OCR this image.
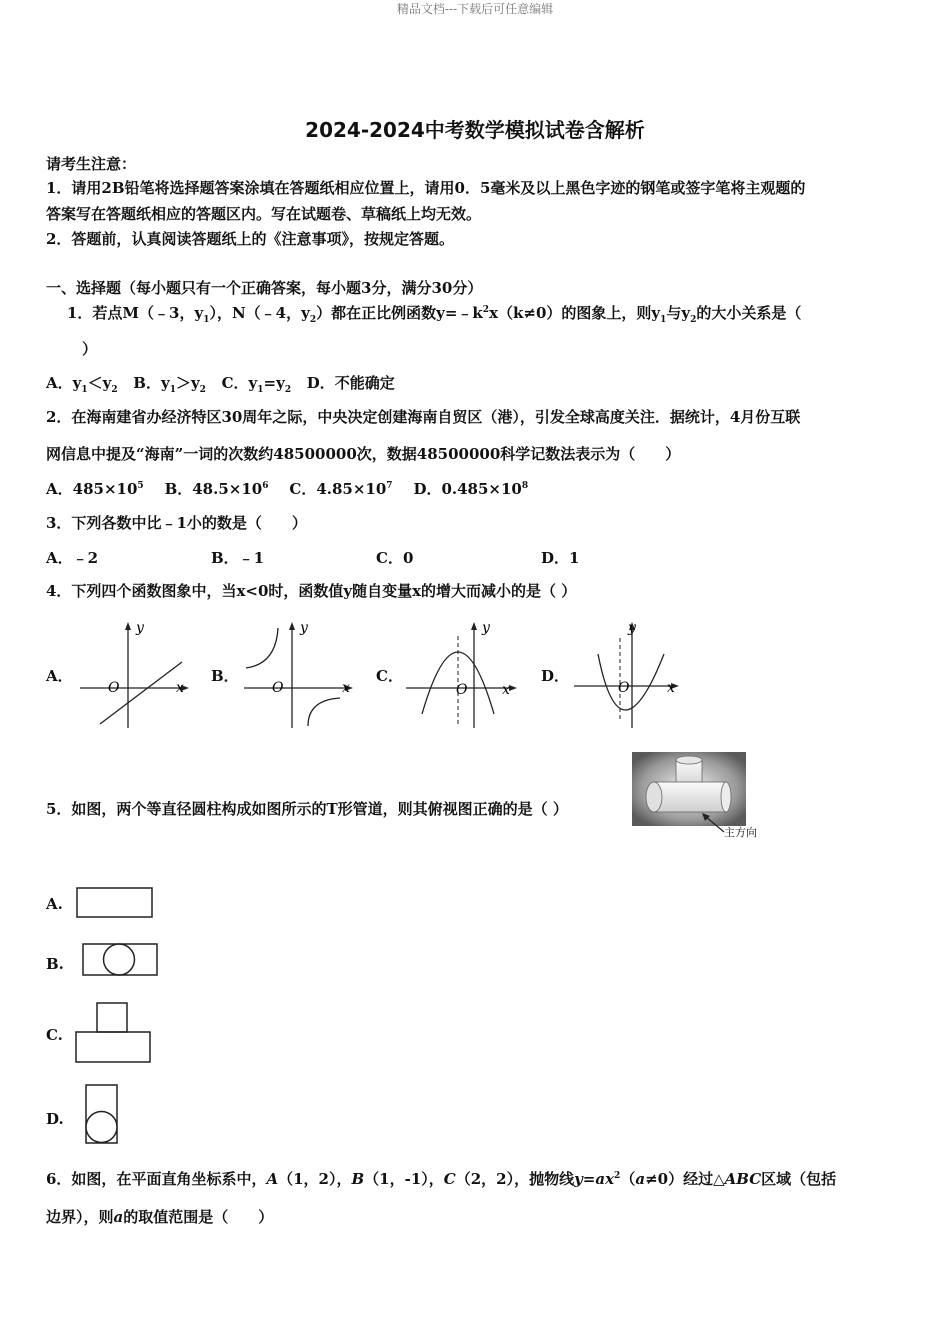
精品文档---下载后可任意编辑
2024-2024中考数学模拟试卷含解析
请考生注意：
1．请用2B铅笔将选择题答案涂填在答题纸相应位置上，请用0．5毫米及以上黑色字迹的钢笔或签字笔将主观题的
答案写在答题纸相应的答题区内。写在试题卷、草稿纸上均无效。
2．答题前，认真阅读答题纸上的《注意事项》，按规定答题。
一、选择题（每小题只有一个正确答案，每小题3分，满分30分）
1．若点M（﹣3，$y_1$），N（﹣4，$y_2$）都在正比例函数$y=﹣k^2x(k\ne 0)$的图象上，则$y_1$与$y_2$的大小关系是（
）
A．$y_1<y_2$ B．$y_1>y_2$ C．$y_1=y_2$ D．不能确定
2．在海南建省办经济特区30周年之际，中央决定创建海南自贸区（港），引发全球高度关注．据统计，4月份互联
网信息中提及“海南”一词的次数约48500000次，数据48500000科学记数法表示为（　　）
A．$485\times 10^5$ B．$48.5\times 10^6$ C．$4.85\times 10^7$ D．$0.485\times 10^8$
3．下列各数中比﹣1小的数是（　　）
A．﹣2	B．﹣1	C．0	D．1
4．下列四个函数图象中，当x<0时，函数值y随自变量x的增大而减小的是（ ）
A．
y
x
O
B．
y
x
O
C．
y
x
O
D．
y
x
O
5．如图，两个等直径圆柱构成如图所示的T形管道，则其俯视图正确的是（ ）
主方向
A.
B.
C.
D.
6．如图，在平面直角坐标系中，A（1，2），B（1，-1），C（2，2），抛物线$y=ax^2(a\ne 0)$经过△ABC区域（包括
边界），则a的取值范围是（　　）
